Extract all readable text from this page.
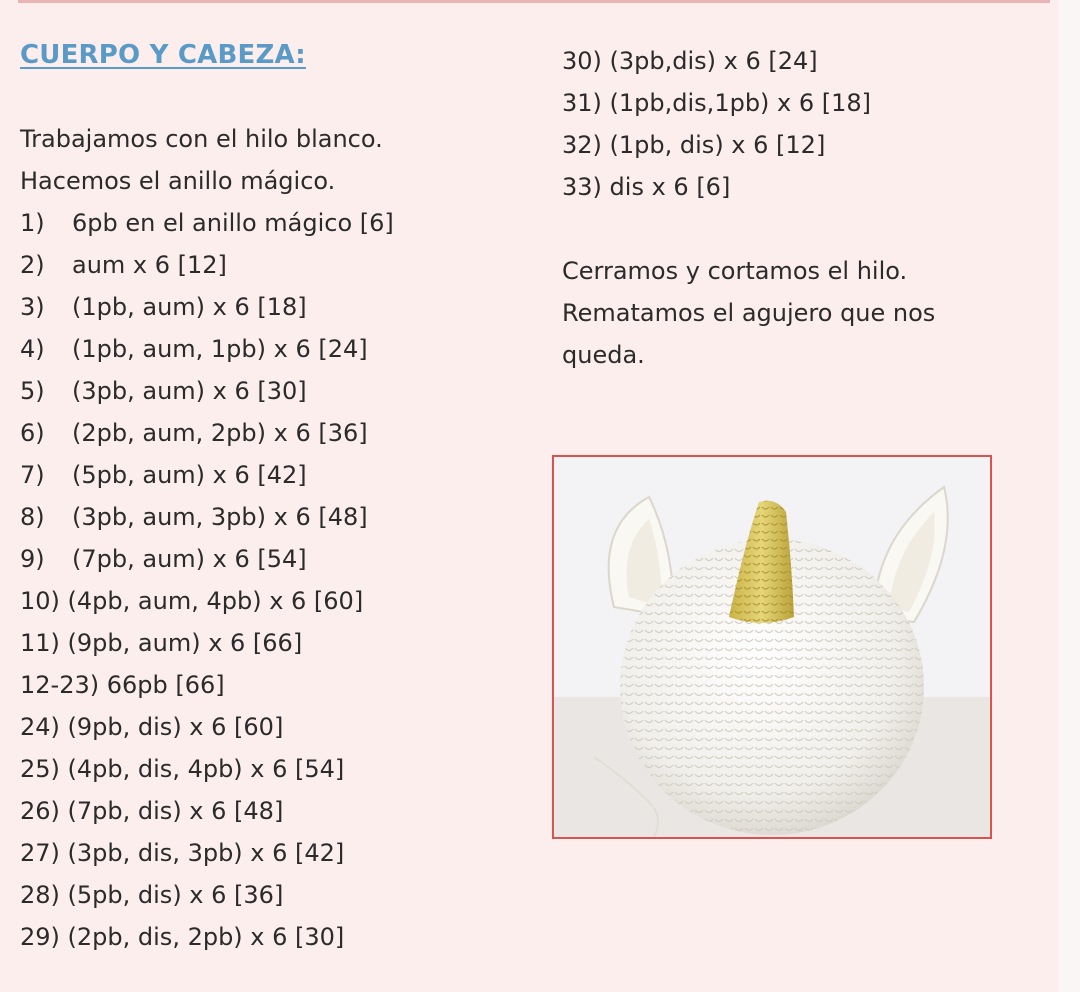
CUERPO Y CABEZA:
Trabajamos con el hilo blanco.
Hacemos el anillo mágico.
1) 6pb en el anillo mágico [6]
2) aum x 6 [12]
3) (1pb, aum) x 6 [18]
4) (1pb, aum, 1pb) x 6 [24]
5) (3pb, aum) x 6 [30]
6) (2pb, aum, 2pb) x 6 [36]
7) (5pb, aum) x 6 [42]
8) (3pb, aum, 3pb) x 6 [48]
9) (7pb, aum) x 6 [54]
10) (4pb, aum, 4pb) x 6 [60]
11) (9pb, aum) x 6 [66]
12-23) 66pb [66]
24) (9pb, dis) x 6 [60]
25) (4pb, dis, 4pb) x 6 [54]
26) (7pb, dis) x 6 [48]
27) (3pb, dis, 3pb) x 6 [42]
28) (5pb, dis) x 6 [36]
29) (2pb, dis, 2pb) x 6 [30]
30) (3pb,dis) x 6 [24]
31) (1pb,dis,1pb) x 6 [18]
32) (1pb, dis) x 6 [12]
33) dis x 6 [6]
Cerramos y cortamos el hilo.
Rematamos el agujero que nos
queda.
